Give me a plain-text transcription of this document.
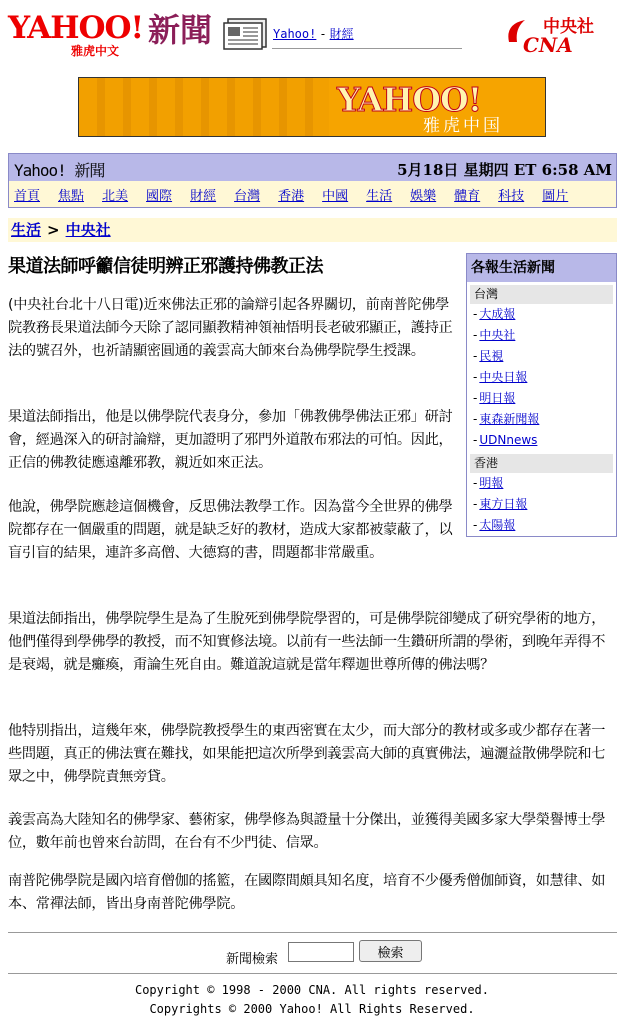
YAHOO!
雅虎中文
新聞	Yahoo! - 財經	中央社
CNA
YAHOO!
雅虎中国
Yahoo! 新聞	5月18日 星期四 ET 6:58 AM
首頁 焦點 北美 國際 財經 台灣 香港 中國 生活 娛樂 體育 科技 圖片
生活 > 中央社
果道法師呼籲信徒明辨正邪護持佛教正法
(中央社台北十八日電)近來佛法正邪的論辯引起各界關切，前南普陀佛學院教務長果道法師今天除了認同顯教精神領袖悟明長老破邪顯正，護持正法的號召外，也祈請顯密圓通的義雲高大師來台為佛學院學生授課。
果道法師指出，他是以佛學院代表身分，參加「佛教佛學佛法正邪」研討會，經過深入的研討論辯，更加證明了邪門外道散布邪法的可怕。因此，正信的佛教徒應遠離邪教，親近如來正法。
他說，佛學院應趁這個機會，反思佛法教學工作。因為當今全世界的佛學院都存在一個嚴重的問題，就是缺乏好的教材，造成大家都被蒙蔽了，以盲引盲的結果，連許多高僧、大德寫的書，問題都非常嚴重。
果道法師指出，佛學院學生是為了生脫死到佛學院學習的，可是佛學院卻變成了研究學術的地方，他們僅得到學佛學的教授，而不知實修法境。以前有一些法師一生鑽研所謂的學術，到晚年弄得不是衰竭，就是癱瘓，甭論生死自由。難道說這就是當年釋迦世尊所傳的佛法嗎？
他特別指出，這幾年來，佛學院教授學生的東西密實在太少，而大部分的教材或多或少都存在著一些問題，真正的佛法實在難找，如果能把這次所學到義雲高大師的真實佛法，遍灑益散佛學院和七眾之中，佛學院責無旁貸。
義雲高為大陸知名的佛學家、藝術家，佛學修為與證量十分傑出，並獲得美國多家大學榮譽博士學位，數年前也曾來台訪問，在台有不少門徒、信眾。
南普陀佛學院是國內培育僧伽的搖籃，在國際間頗具知名度，培育不少優秀僧伽師資，如慧律、如本、常禪法師，皆出身南普陀佛學院。
各報生活新聞
台灣
- 大成報
- 中央社
- 民視
- 中央日報
- 明日報
- 東森新聞報
- UDNnews
香港
- 明報
- 東方日報
- 太陽報
新聞檢索	檢索
Copyright © 1998 - 2000 CNA. All rights reserved.
Copyrights © 2000 Yahoo! All Rights Reserved.
